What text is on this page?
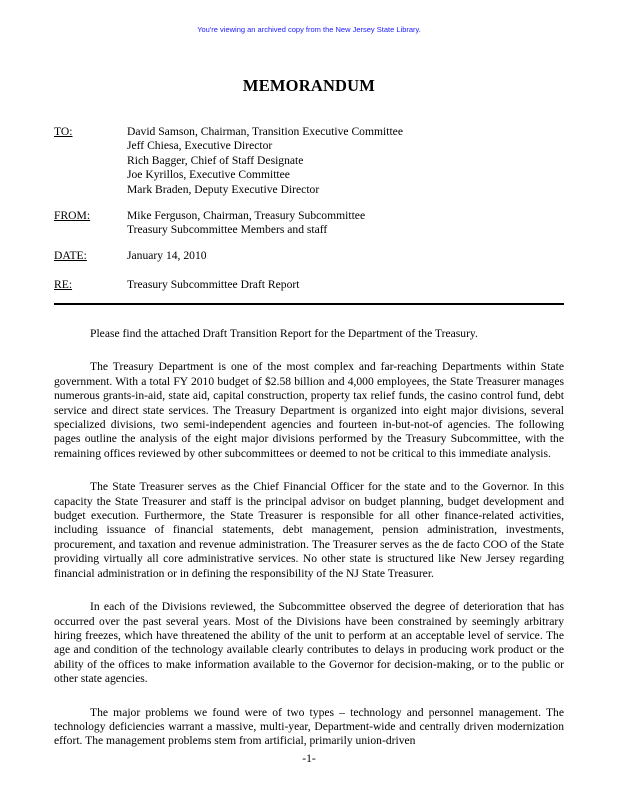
You're viewing an archived copy from the New Jersey State Library.
MEMORANDUM
TO:	David Samson, Chairman, Transition Executive Committee
Jeff Chiesa, Executive Director
Rich Bagger, Chief of Staff Designate
Joe Kyrillos, Executive Committee
Mark Braden, Deputy Executive Director
FROM:	Mike Ferguson, Chairman, Treasury Subcommittee
Treasury Subcommittee Members and staff
DATE:	January 14, 2010
RE:	Treasury Subcommittee Draft Report

Please find the attached Draft Transition Report for the Department of the Treasury.

The Treasury Department is one of the most complex and far-reaching Departments within State government. With a total FY 2010 budget of $2.58 billion and 4,000 employees, the State Treasurer manages numerous grants-in-aid, state aid, capital construction, property tax relief funds, the casino control fund, debt service and direct state services. The Treasury Department is organized into eight major divisions, several specialized divisions, two semi-independent agencies and fourteen in-but-not-of agencies. The following pages outline the analysis of the eight major divisions performed by the Treasury Subcommittee, with the remaining offices reviewed by other subcommittees or deemed to not be critical to this immediate analysis.

The State Treasurer serves as the Chief Financial Officer for the state and to the Governor. In this capacity the State Treasurer and staff is the principal advisor on budget planning, budget development and budget execution. Furthermore, the State Treasurer is responsible for all other finance-related activities, including issuance of financial statements, debt management, pension administration, investments, procurement, and taxation and revenue administration. The Treasurer serves as the de facto COO of the State providing virtually all core administrative services. No other state is structured like New Jersey regarding financial administration or in defining the responsibility of the NJ State Treasurer.

In each of the Divisions reviewed, the Subcommittee observed the degree of deterioration that has occurred over the past several years. Most of the Divisions have been constrained by seemingly arbitrary hiring freezes, which have threatened the ability of the unit to perform at an acceptable level of service. The age and condition of the technology available clearly contributes to delays in producing work product or the ability of the offices to make information available to the Governor for decision-making, or to the public or other state agencies.

The major problems we found were of two types – technology and personnel management. The technology deficiencies warrant a massive, multi-year, Department-wide and centrally driven modernization effort. The management problems stem from artificial, primarily union-driven

-1-
